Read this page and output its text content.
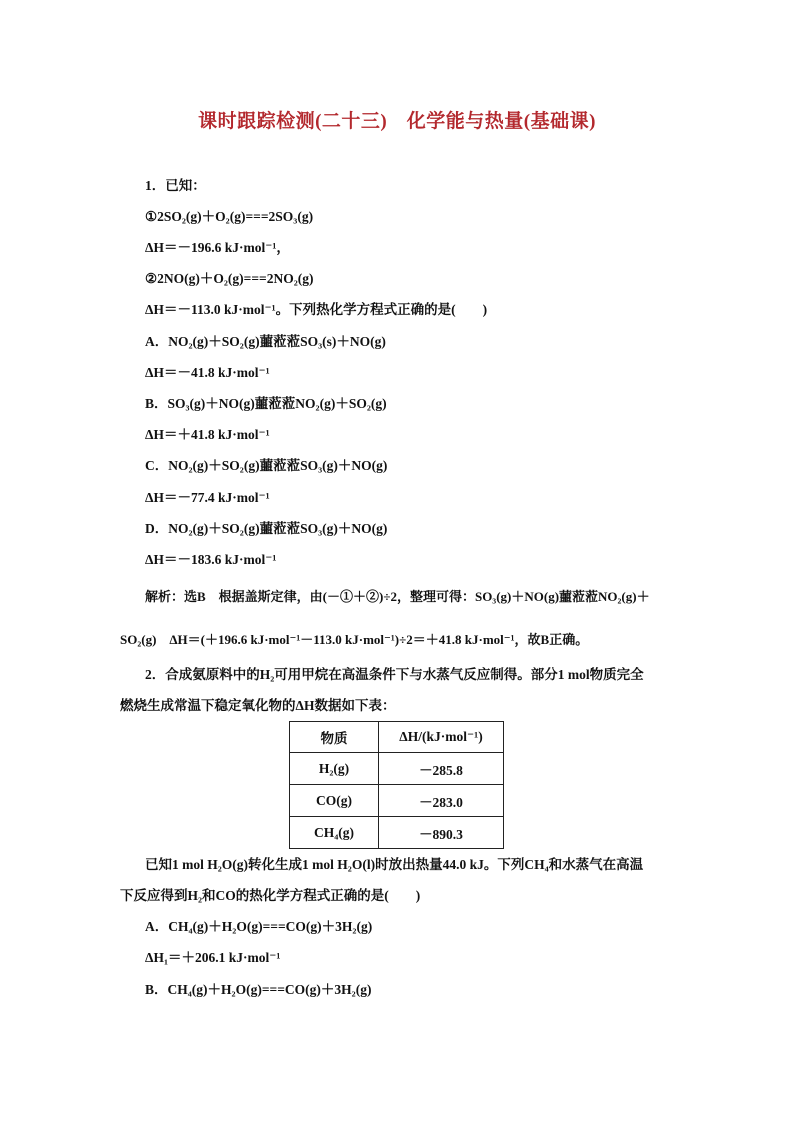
课时跟踪检测(二十三)　化学能与热量(基础课)
1．已知：
①2SO₂(g)＋O₂(g)===2SO₃(g)
ΔH＝－196.6 kJ·mol⁻¹，
②2NO(g)＋O₂(g)===2NO₂(g)
ΔH＝－113.0 kJ·mol⁻¹。下列热化学方程式正确的是(　　)
A．NO₂(g)＋SO₂(g)蘁蒞蒞SO₃(s)＋NO(g)
ΔH＝－41.8 kJ·mol⁻¹
B．SO₃(g)＋NO(g)蘁蒞蒞NO₂(g)＋SO₂(g)
ΔH＝＋41.8 kJ·mol⁻¹
C．NO₂(g)＋SO₂(g)蘁蒞蒞SO₃(g)＋NO(g)
ΔH＝－77.4 kJ·mol⁻¹
D．NO₂(g)＋SO₂(g)蘁蒞蒞SO₃(g)＋NO(g)
ΔH＝－183.6 kJ·mol⁻¹
解析：选B　根据盖斯定律，由(－①＋②)÷2，整理可得：SO₃(g)＋NO(g)蘁蒞蒞NO₂(g)＋
SO₂(g)　ΔH＝(＋196.6 kJ·mol⁻¹－113.0 kJ·mol⁻¹)÷2＝＋41.8 kJ·mol⁻¹，故B正确。
2．合成氨原料中的H₂可用甲烷在高温条件下与水蒸气反应制得。部分1 mol物质完全
燃烧生成常温下稳定氧化物的ΔH数据如下表：
物质	ΔH/(kJ·mol⁻¹)
H₂(g)	－285.8
CO(g)	－283.0
CH₄(g)	－890.3
已知1 mol H₂O(g)转化生成1 mol H₂O(l)时放出热量44.0 kJ。下列CH₄和水蒸气在高温
下反应得到H₂和CO的热化学方程式正确的是(　　)
A．CH₄(g)＋H₂O(g)===CO(g)＋3H₂(g)
ΔH₁＝＋206.1 kJ·mol⁻¹
B．CH₄(g)＋H₂O(g)===CO(g)＋3H₂(g)
